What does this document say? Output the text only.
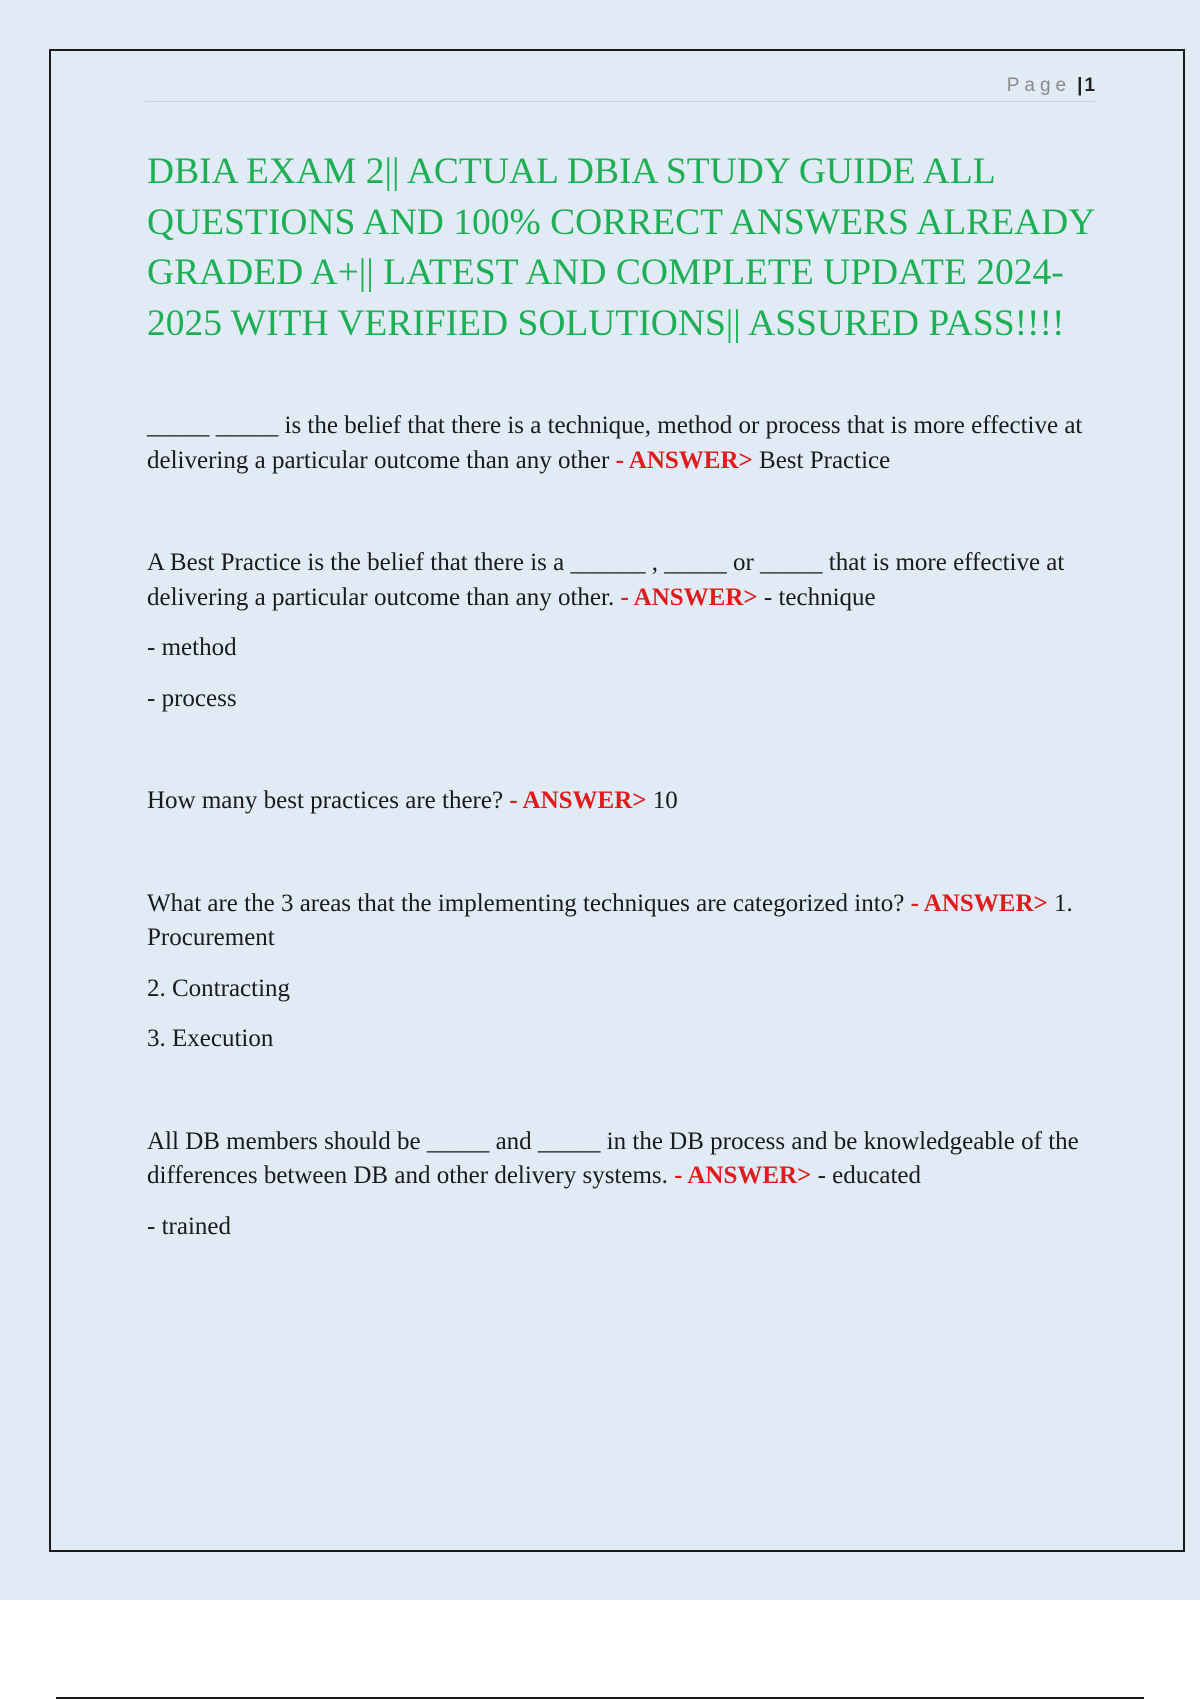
Page | 1
DBIA EXAM 2|| ACTUAL DBIA STUDY GUIDE ALL QUESTIONS AND 100% CORRECT ANSWERS ALREADY GRADED A+|| LATEST AND COMPLETE UPDATE 2024-2025 WITH VERIFIED SOLUTIONS|| ASSURED PASS!!!!

_____ _____ is the belief that there is a technique, method or process that is more effective at delivering a particular outcome than any other - ANSWER> Best Practice

A Best Practice is the belief that there is a ______ , _____ or _____ that is more effective at delivering a particular outcome than any other. - ANSWER> - technique

- method

- process

How many best practices are there? - ANSWER> 10

What are the 3 areas that the implementing techniques are categorized into? - ANSWER> 1. Procurement

2. Contracting

3. Execution

All DB members should be _____ and _____ in the DB process and be knowledgeable of the differences between DB and other delivery systems. - ANSWER> - educated

- trained
